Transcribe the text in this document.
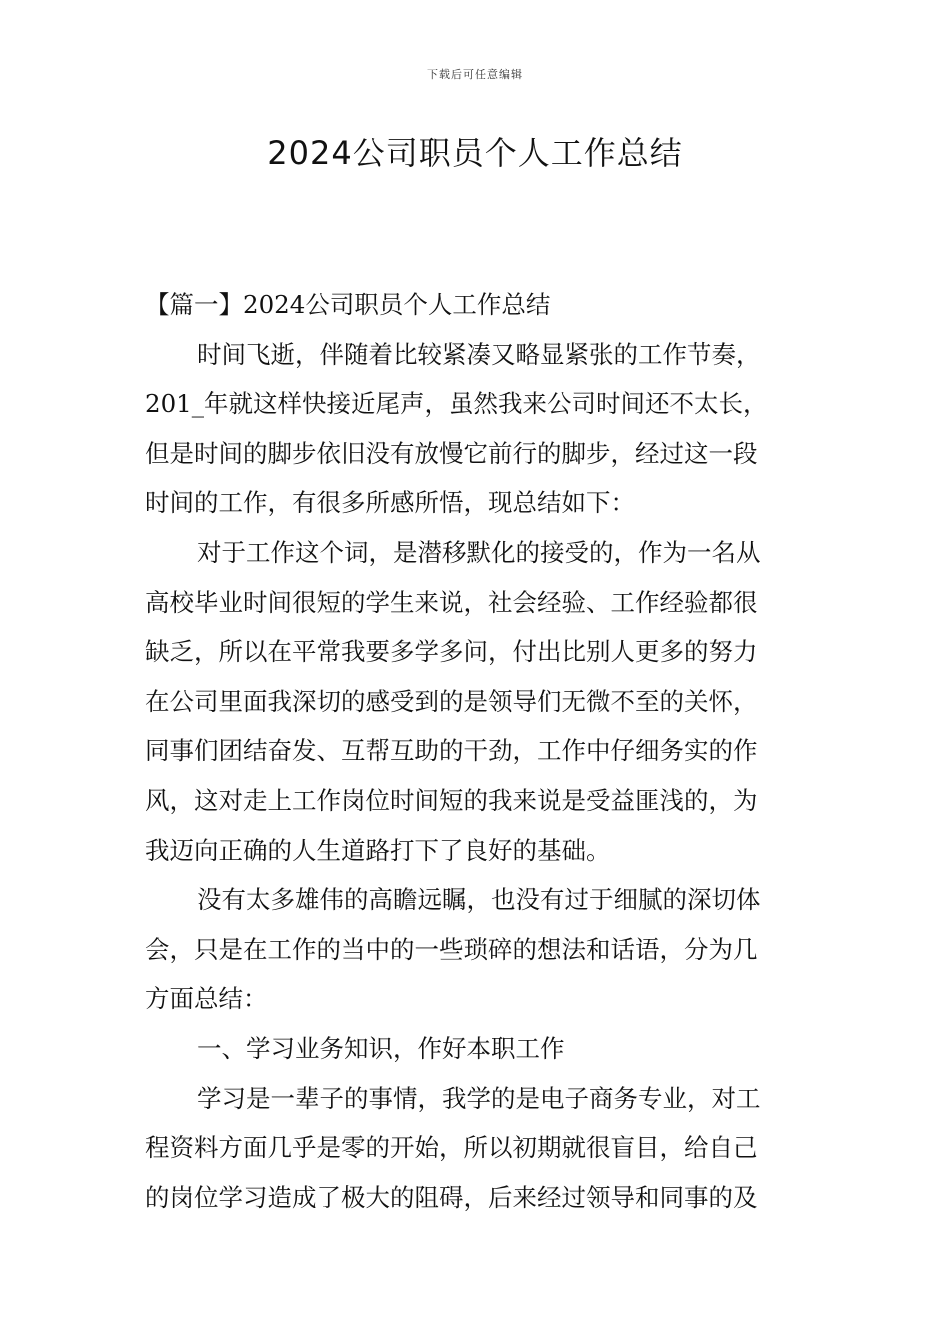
下载后可任意编辑
2024公司职员个人工作总结
【篇一】2024公司职员个人工作总结
时间飞逝，伴随着比较紧凑又略显紧张的工作节奏，
201_年就这样快接近尾声，虽然我来公司时间还不太长，
但是时间的脚步依旧没有放慢它前行的脚步，经过这一段
时间的工作，有很多所感所悟，现总结如下：
对于工作这个词，是潜移默化的接受的，作为一名从
高校毕业时间很短的学生来说，社会经验、工作经验都很
缺乏，所以在平常我要多学多问，付出比别人更多的努力
在公司里面我深切的感受到的是领导们无微不至的关怀，
同事们团结奋发、互帮互助的干劲，工作中仔细务实的作
风，这对走上工作岗位时间短的我来说是受益匪浅的，为
我迈向正确的人生道路打下了良好的基础。
没有太多雄伟的高瞻远瞩，也没有过于细腻的深切体
会，只是在工作的当中的一些琐碎的想法和话语，分为几
方面总结：
一、学习业务知识，作好本职工作
学习是一辈子的事情，我学的是电子商务专业，对工
程资料方面几乎是零的开始，所以初期就很盲目，给自己
的岗位学习造成了极大的阻碍，后来经过领导和同事的及
